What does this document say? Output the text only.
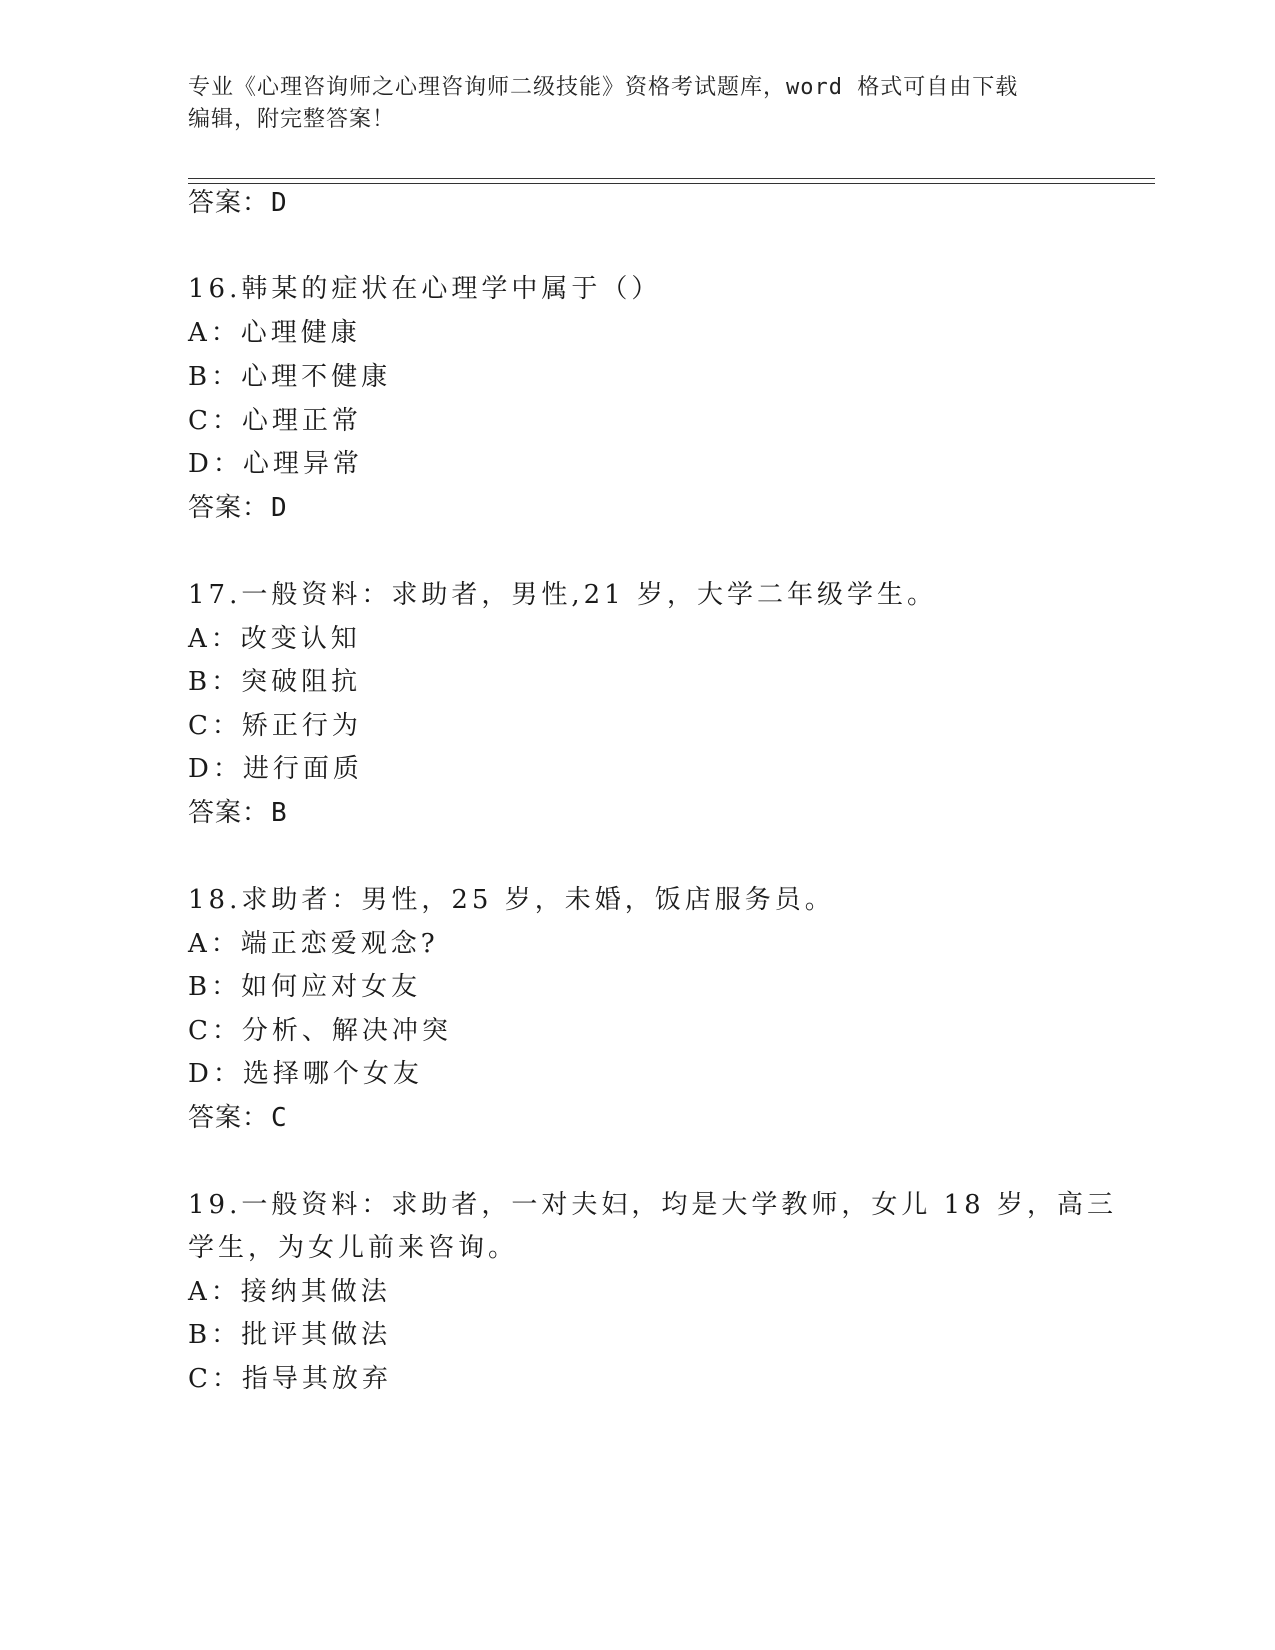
专业《心理咨询师之心理咨询师二级技能》资格考试题库，word 格式可自由下载
编辑，附完整答案！
答案：D
16.韩某的症状在心理学中属于（）
A：心理健康
B：心理不健康
C：心理正常
D：心理异常
答案：D
17.一般资料：求助者，男性,21 岁，大学二年级学生。
A：改变认知
B：突破阻抗
C：矫正行为
D：进行面质
答案：B
18.求助者：男性，25 岁，未婚，饭店服务员。
A：端正恋爱观念?
B：如何应对女友
C：分析、解决冲突
D：选择哪个女友
答案：C
19.一般资料：求助者，一对夫妇，均是大学教师，女儿 18 岁，高三
学生，为女儿前来咨询。
A：接纳其做法
B：批评其做法
C：指导其放弃
